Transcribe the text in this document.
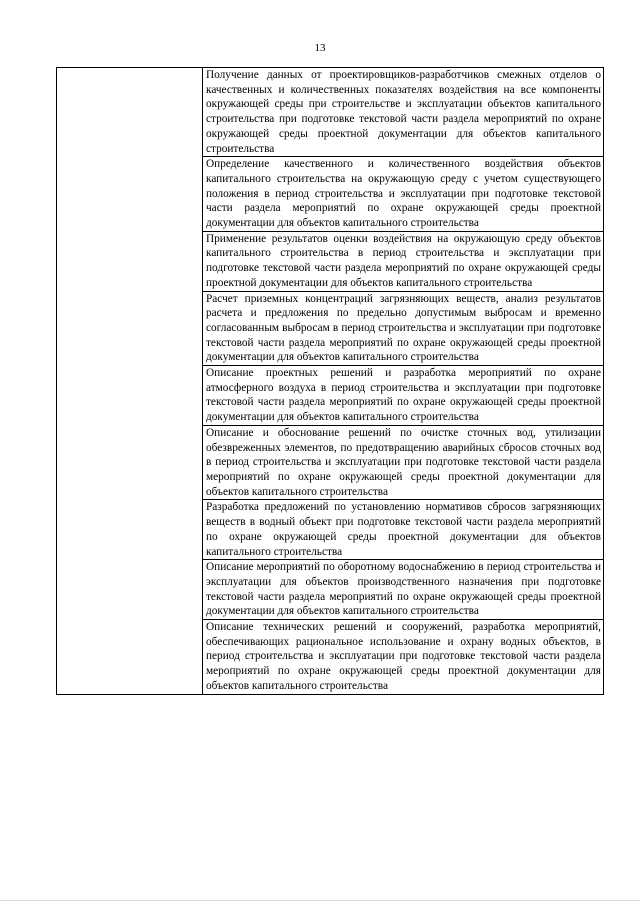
13

Получение данных от проектировщиков-разработчиков смежных отделов о качественных и количественных показателях воздействия на все компоненты окружающей среды при строительстве и эксплуатации объектов капитального строительства при подготовке текстовой части раздела мероприятий по охране окружающей среды проектной документации для объектов капитального строительства

Определение качественного и количественного воздействия объектов капитального строительства на окружающую среду с учетом существующего положения в период строительства и эксплуатации при подготовке текстовой части раздела мероприятий по охране окружающей среды проектной документации для объектов капитального строительства

Применение результатов оценки воздействия на окружающую среду объектов капитального строительства в период строительства и эксплуатации при подготовке текстовой части раздела мероприятий по охране окружающей среды проектной документации для объектов капитального строительства

Расчет приземных концентраций загрязняющих веществ, анализ результатов расчета и предложения по предельно допустимым выбросам и временно согласованным выбросам в период строительства и эксплуатации при подготовке текстовой части раздела мероприятий по охране окружающей среды проектной документации для объектов капитального строительства

Описание проектных решений и разработка мероприятий по охране атмосферного воздуха в период строительства и эксплуатации при подготовке текстовой части раздела мероприятий по охране окружающей среды проектной документации для объектов капитального строительства

Описание и обоснование решений по очистке сточных вод, утилизации обезвреженных элементов, по предотвращению аварийных сбросов сточных вод в период строительства и эксплуатации при подготовке текстовой части раздела мероприятий по охране окружающей среды проектной документации для объектов капитального строительства

Разработка предложений по установлению нормативов сбросов загрязняющих веществ в водный объект при подготовке текстовой части раздела мероприятий по охране окружающей среды проектной документации для объектов капитального строительства

Описание мероприятий по оборотному водоснабжению в период строительства и эксплуатации для объектов производственного назначения при подготовке текстовой части раздела мероприятий по охране окружающей среды проектной документации для объектов капитального строительства

Описание технических решений и сооружений, разработка мероприятий, обеспечивающих рациональное использование и охрану водных объектов, в период строительства и эксплуатации при подготовке текстовой части раздела мероприятий по охране окружающей среды проектной документации для объектов капитального строительства
